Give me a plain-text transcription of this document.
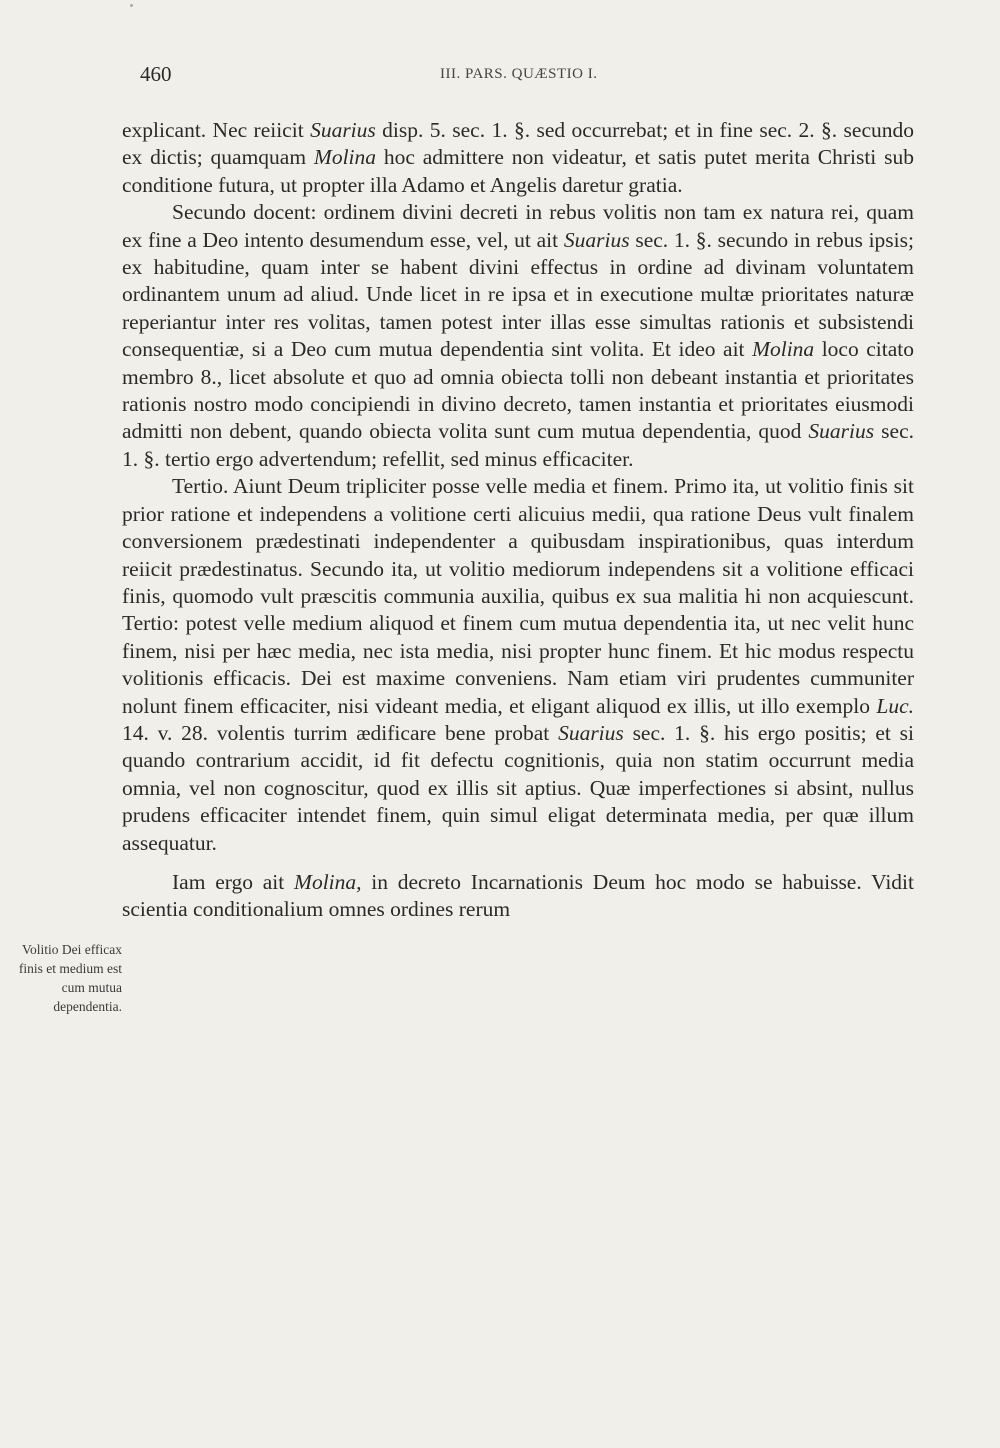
460	III. PARS. QUÆSTIO I.

explicant. Nec reiicit Suarius disp. 5. sec. 1. §. sed occurrebat; et in fine sec. 2. §. secundo ex dictis; quamquam Molina hoc admittere non videatur, et satis putet merita Christi sub conditione futura, ut propter illa Adamo et Angelis daretur gratia.

Secundo docent: ordinem divini decreti in rebus volitis non tam ex natura rei, quam ex fine a Deo intento desumendum esse, vel, ut ait Suarius sec. 1. §. secundo in rebus ipsis; ex habitudine, quam inter se habent divini effectus in ordine ad divinam voluntatem ordinantem unum ad aliud. Unde licet in re ipsa et in executione multæ prioritates naturæ reperiantur inter res volitas, tamen potest inter illas esse simultas rationis et subsistendi consequentiæ, si a Deo cum mutua dependentia sint volita. Et ideo ait Molina loco citato membro 8., licet absolute et quo ad omnia obiecta tolli non debeant instantia et prioritates rationis nostro modo concipiendi in divino decreto, tamen instantia et prioritates eiusmodi admitti non debent, quando obiecta volita sunt cum mutua dependentia, quod Suarius sec. 1. §. tertio ergo advertendum; refellit, sed minus efficaciter.

Tertio. Aiunt Deum tripliciter posse velle media et finem. Primo ita, ut volitio finis sit prior ratione et independens a volitione certi alicuius medii, qua ratione Deus vult finalem conversionem prædestinati independenter a quibusdam inspirationibus, quas interdum reiicit prædestinatus. Secundo ita, ut volitio mediorum independens sit a volitione efficaci finis, quomodo vult præscitis communia auxilia, quibus ex sua malitia hi non acquiescunt. Tertio: potest velle medium aliquod et finem cum mutua dependentia ita, ut nec velit hunc finem, nisi per hæc media, nec ista media, nisi propter hunc finem. Et hic modus respectu volitionis efficacis. Dei est maxime conveniens. Nam etiam viri prudentes cummuniter nolunt finem efficaciter, nisi videant media, et eligant aliquod ex illis, ut illo exemplo Luc. 14. v. 28. volentis turrim ædificare bene probat Suarius sec. 1. §. his ergo positis; et si quando contrarium accidit, id fit defectu cognitionis, quia non statim occurrunt media omnia, vel non cognoscitur, quod ex illis sit aptius. Quæ imperfectiones si absint, nullus prudens efficaciter intendet finem, quin simul eligat determinata media, per quæ illum assequatur.

Iam ergo ait Molina, in decreto Incarnationis Deum hoc modo se habuisse. Vidit scientia conditionalium omnes ordines rerum

Volitio Dei efficax finis et medium est cum mutua dependentia.
